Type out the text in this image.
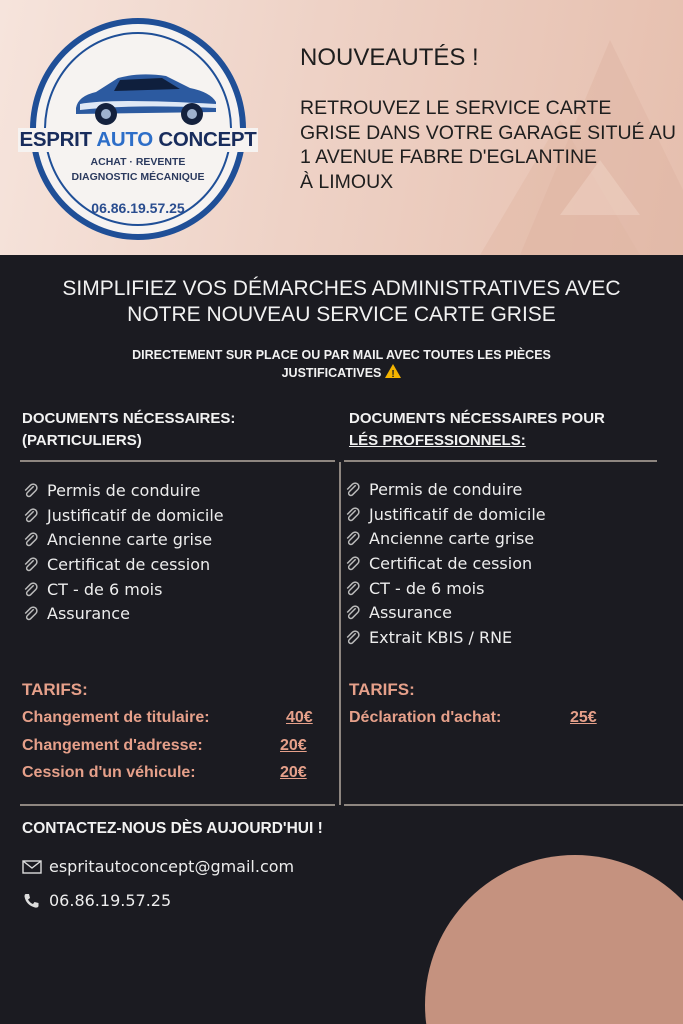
ESPRIT AUTO CONCEPT
ACHAT · REVENTE
DIAGNOSTIC MÉCANIQUE
06.86.19.57.25
NOUVEAUTÉS !
RETROUVEZ LE SERVICE CARTE
GRISE DANS VOTRE GARAGE SITUÉ AU
1 AVENUE FABRE D'EGLANTINE
À LIMOUX
SIMPLIFIEZ VOS DÉMARCHES ADMINISTRATIVES AVEC
NOTRE NOUVEAU SERVICE CARTE GRISE
DIRECTEMENT SUR PLACE OU PAR MAIL AVEC TOUTES LES PIÈCES
JUSTIFICATIVES!
DOCUMENTS NÉCESSAIRES:
(PARTICULIERS)
DOCUMENTS NÉCESSAIRES POUR
LÉS PROFESSIONNELS:
Permis de conduire
Justificatif de domicile
Ancienne carte grise
Certificat de cession
CT - de 6 mois
Assurance
Permis de conduire
Justificatif de domicile
Ancienne carte grise
Certificat de cession
CT - de 6 mois
Assurance
Extrait KBIS / RNE
TARIFS:
Changement de titulaire:	40€
Changement d'adresse:	20€
Cession d'un véhicule:	20€
TARIFS:
Déclaration d'achat:	25€
CONTACTEZ-NOUS DÈS AUJOURD'HUI !
espritautoconcept@gmail.com
06.86.19.57.25
